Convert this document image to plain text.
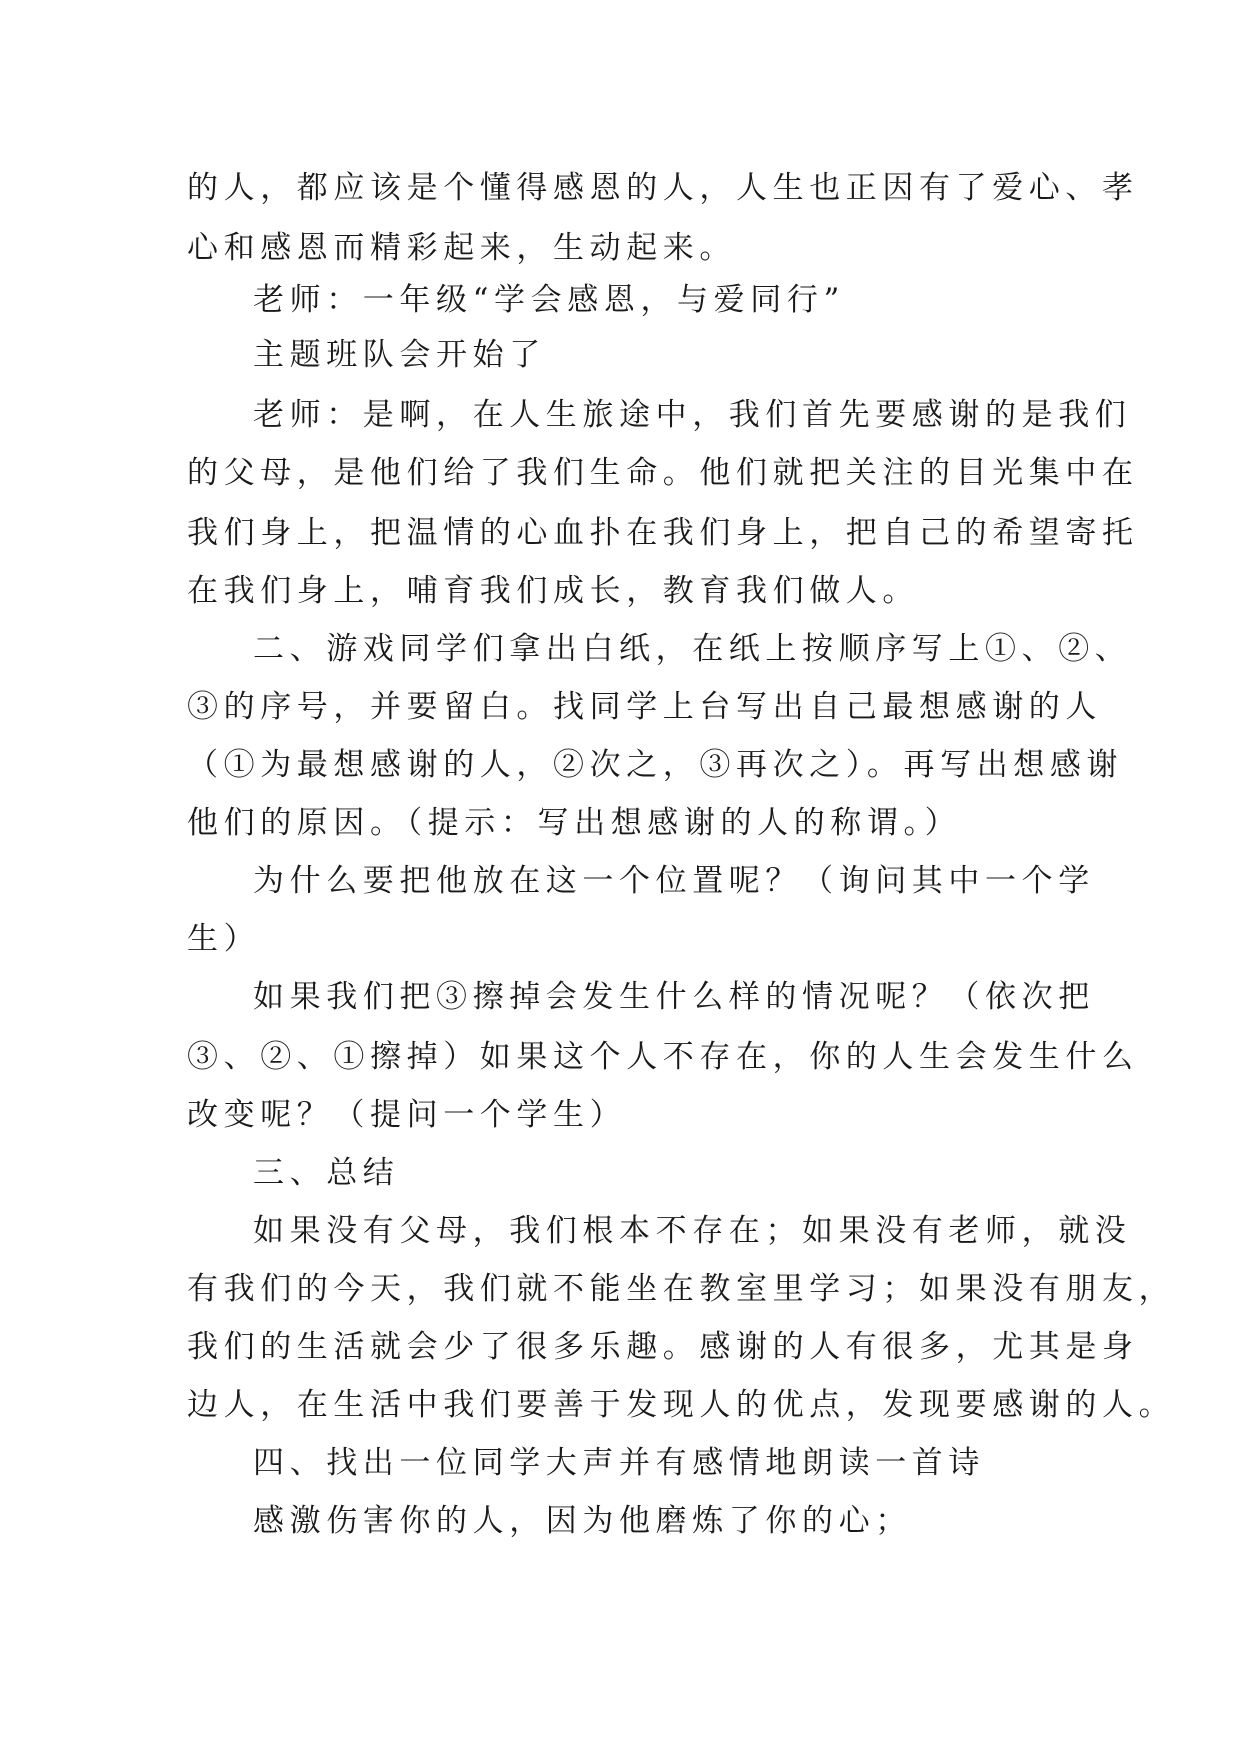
的人，都应该是个懂得感恩的人，人生也正因有了爱心、孝
心和感恩而精彩起来，生动起来。
老师：一年级“学会感恩，与爱同行”
主题班队会开始了
老师：是啊，在人生旅途中，我们首先要感谢的是我们
的父母，是他们给了我们生命。他们就把关注的目光集中在
我们身上，把温情的心血扑在我们身上，把自己的希望寄托
在我们身上，哺育我们成长，教育我们做人。
二、游戏同学们拿出白纸，在纸上按顺序写上①、②、
③的序号，并要留白。找同学上台写出自己最想感谢的人
（①为最想感谢的人，②次之，③再次之）。再写出想感谢
他们的原因。（提示：写出想感谢的人的称谓。）
为什么要把他放在这一个位置呢？（询问其中一个学
生）
如果我们把③擦掉会发生什么样的情况呢？（依次把
③、②、①擦掉）如果这个人不存在，你的人生会发生什么
改变呢？（提问一个学生）
三、总结
如果没有父母，我们根本不存在；如果没有老师，就没
有我们的今天，我们就不能坐在教室里学习；如果没有朋友，
我们的生活就会少了很多乐趣。感谢的人有很多，尤其是身
边人，在生活中我们要善于发现人的优点，发现要感谢的人。
四、找出一位同学大声并有感情地朗读一首诗
感激伤害你的人，因为他磨炼了你的心；
